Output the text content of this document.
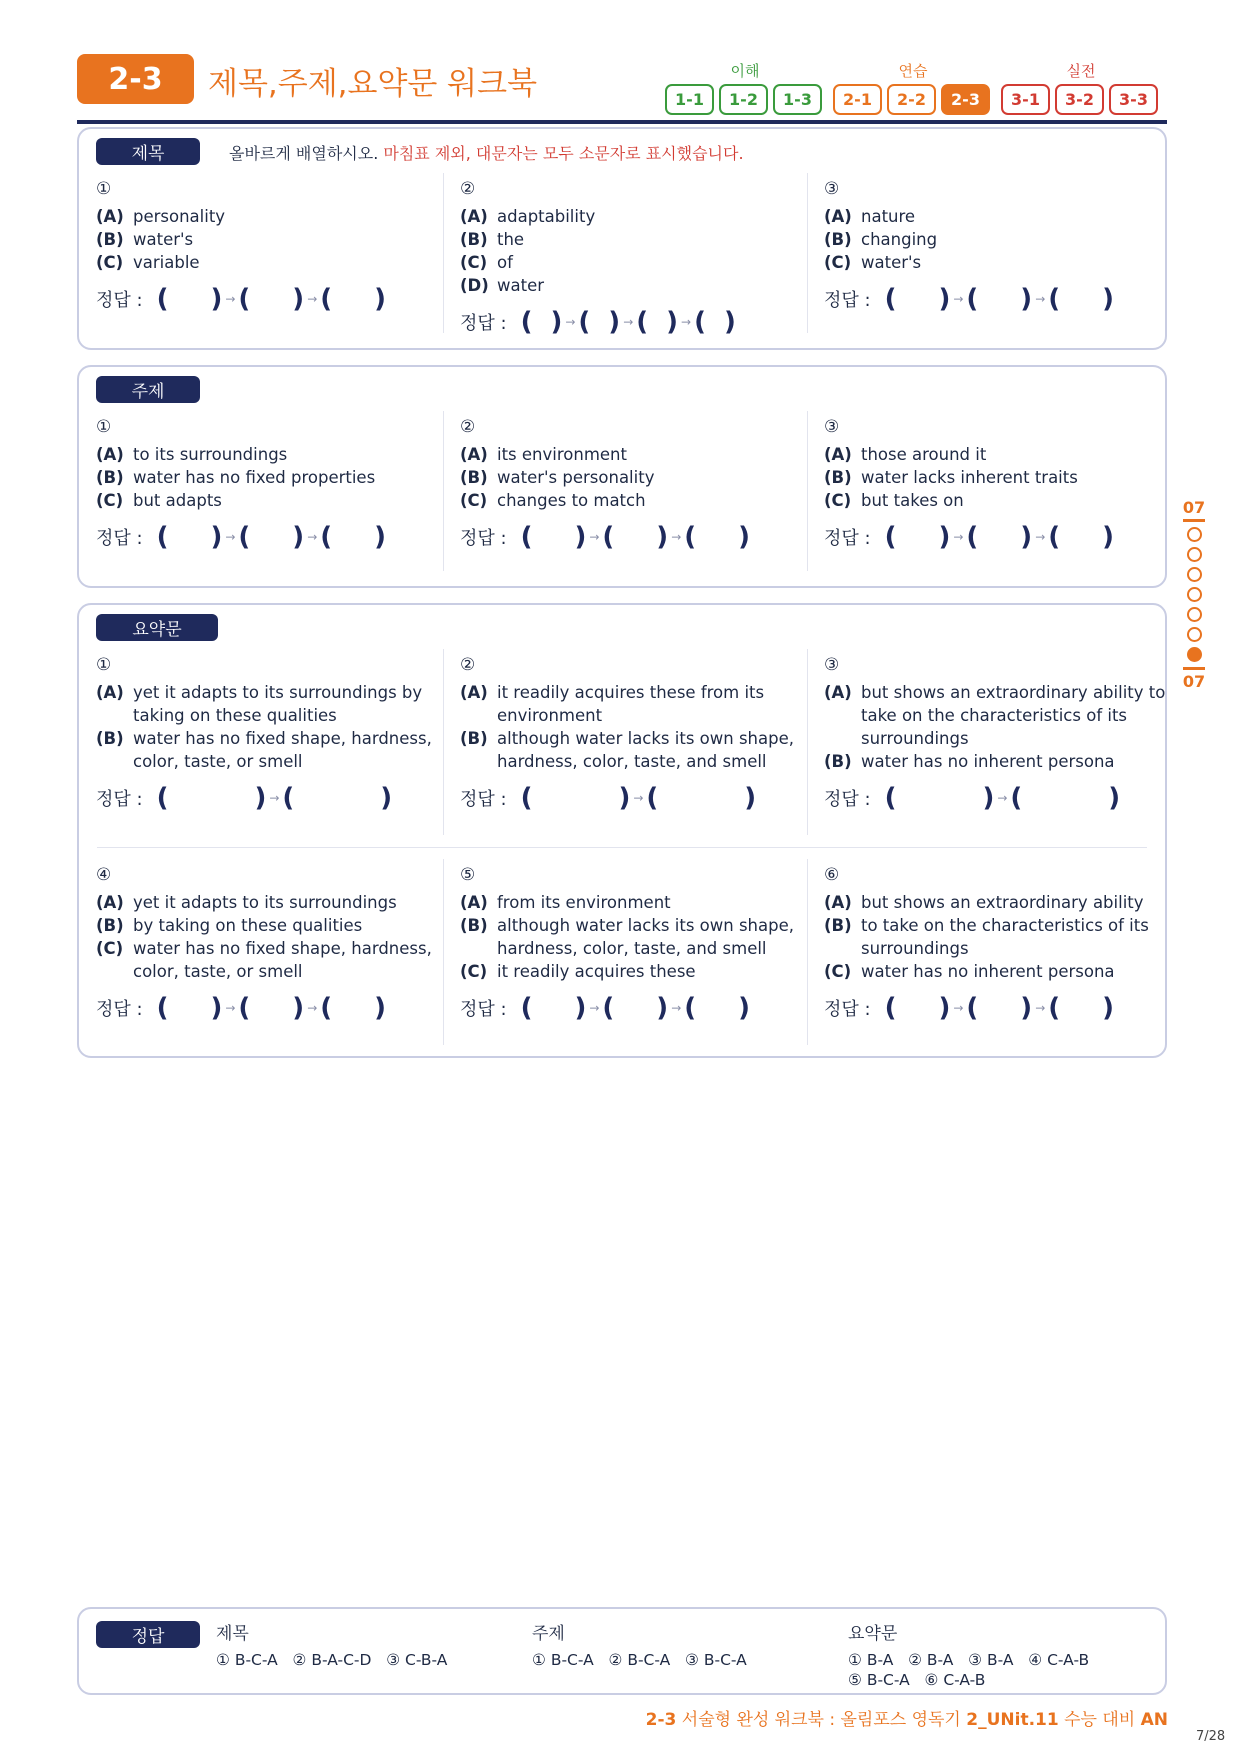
2-3	제목,주제,요약문 워크북	이해	연습	실전
1-1	1-2	1-3	2-1	2-2	2-3	3-1	3-2	3-3
제목	올바르게 배열하시오. 마침표 제외, 대문자는 모두 소문자로 표시했습니다.
①
(A) personality
(B) water's
(C) variable
정답 : ( ) → ( ) → ( )
②
(A) adaptability
(B) the
(C) of
(D) water
정답 : ( ) → ( ) → ( ) → ( )
③
(A) nature
(B) changing
(C) water's
정답 : ( ) → ( ) → ( )
주제
①
(A) to its surroundings
(B) water has no fixed properties
(C) but adapts
정답 : ( ) → ( ) → ( )
②
(A) its environment
(B) water's personality
(C) changes to match
정답 : ( ) → ( ) → ( )
③
(A) those around it
(B) water lacks inherent traits
(C) but takes on
정답 : ( ) → ( ) → ( )
요약문
①
(A) yet it adapts to its surroundings by taking on these qualities
(B) water has no fixed shape, hardness, color, taste, or smell
정답 : (	) → (	)
②
(A) it readily acquires these from its environment
(B) although water lacks its own shape, hardness, color, taste, and smell
정답 : (	) → (	)
③
(A) but shows an extraordinary ability to take on the characteristics of its surroundings
(B) water has no inherent persona
정답 : (	) → (	)
④
(A) yet it adapts to its surroundings
(B) by taking on these qualities
(C) water has no fixed shape, hardness, color, taste, or smell
정답 : ( ) → ( ) → ( )
⑤
(A) from its environment
(B) although water lacks its own shape, hardness, color, taste, and smell
(C) it readily acquires these
정답 : ( ) → ( ) → ( )
⑥
(A) but shows an extraordinary ability
(B) to take on the characteristics of its surroundings
(C) water has no inherent persona
정답 : ( ) → ( ) → ( )
07
07
정답	제목
① B-C-A   ② B-A-C-D   ③ C-B-A
주제
① B-C-A   ② B-C-A   ③ B-C-A
요약문
① B-A   ② B-A   ③ B-A   ④ C-A-B
⑤ B-C-A   ⑥ C-A-B
2-3 서술형 완성 워크북 : 올림포스 영독기 2_UNit.11 수능 대비 AN
7/28
